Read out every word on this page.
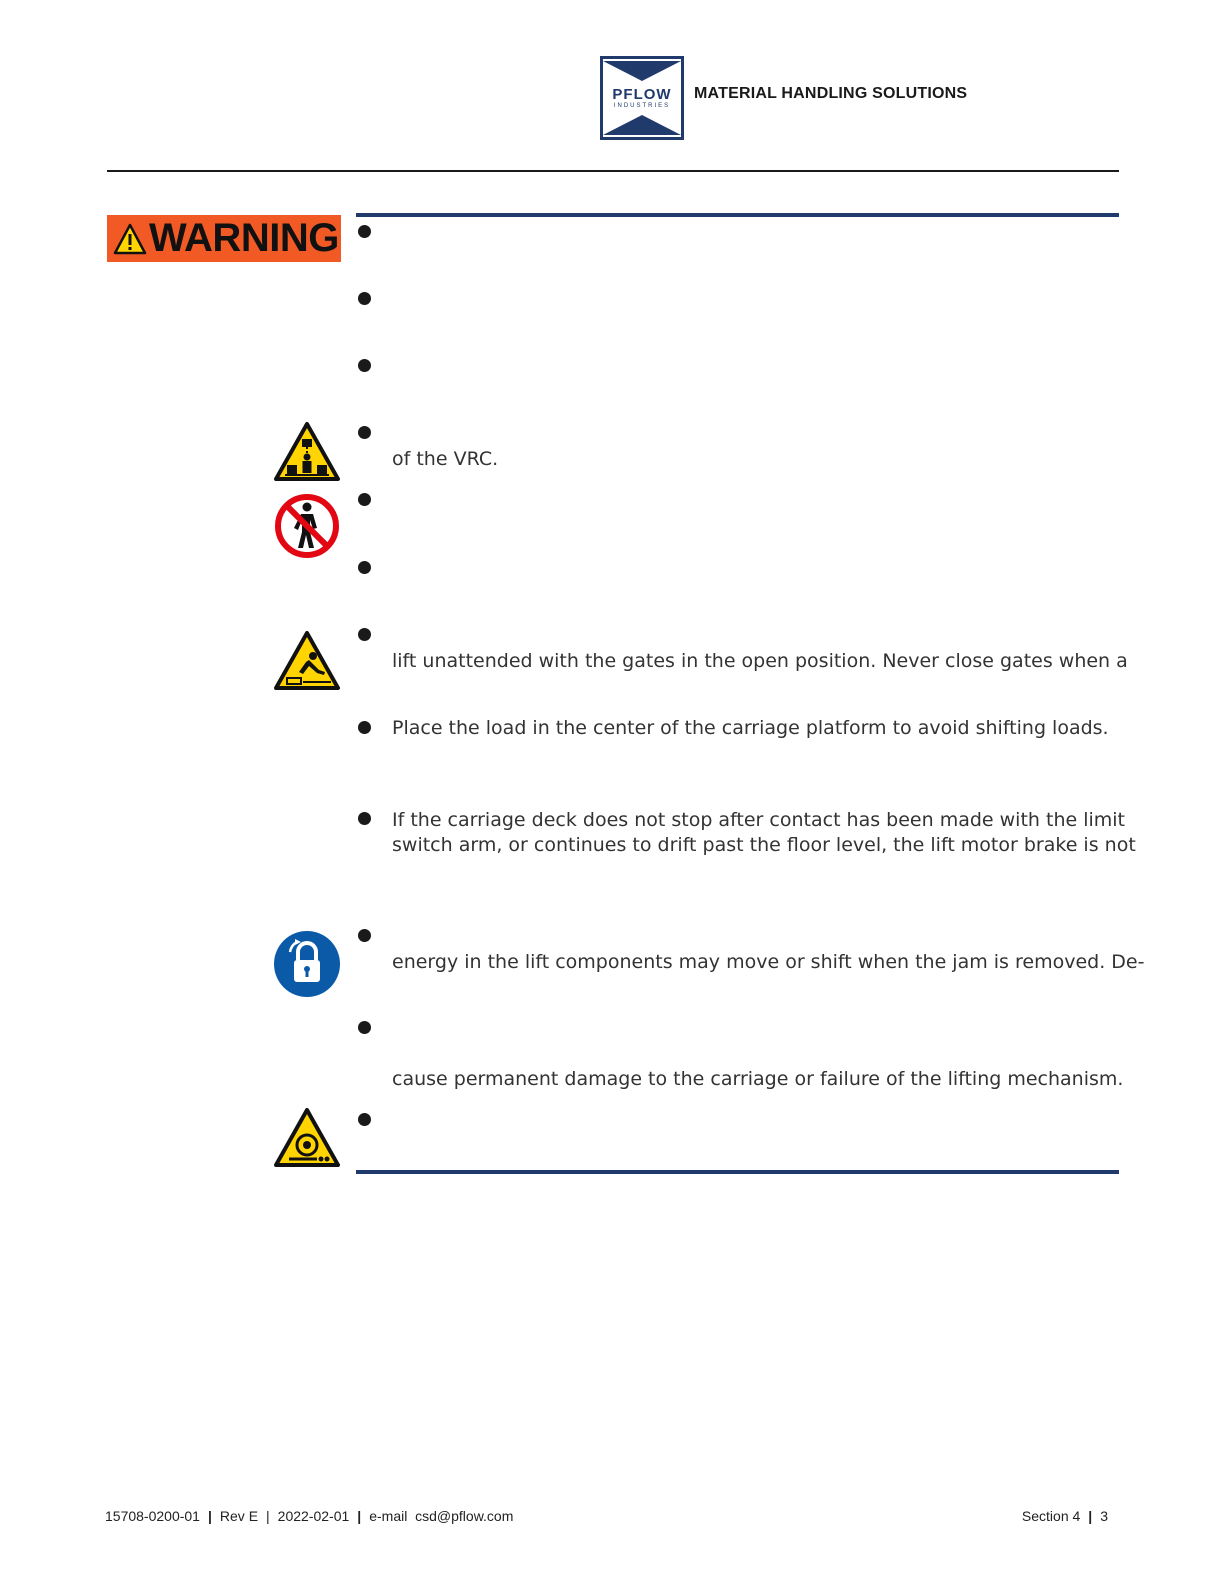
PFLOW
INDUSTRIES
MATERIAL HANDLING SOLUTIONS
WARNING
of the VRC.
lift unattended with the gates in the open position. Never close gates when a
Place the load in the center of the carriage platform to avoid shifting loads.
If the carriage deck does not stop after contact has been made with the limit
switch arm, or continues to drift past the floor level, the lift motor brake is not
energy in the lift components may move or shift when the jam is removed. De-
cause permanent damage to the carriage or failure of the lifting mechanism.
15708-0200-01 | Rev E | 2022-02-01 | e-mail csd@pflow.com	Section 4 | 3
